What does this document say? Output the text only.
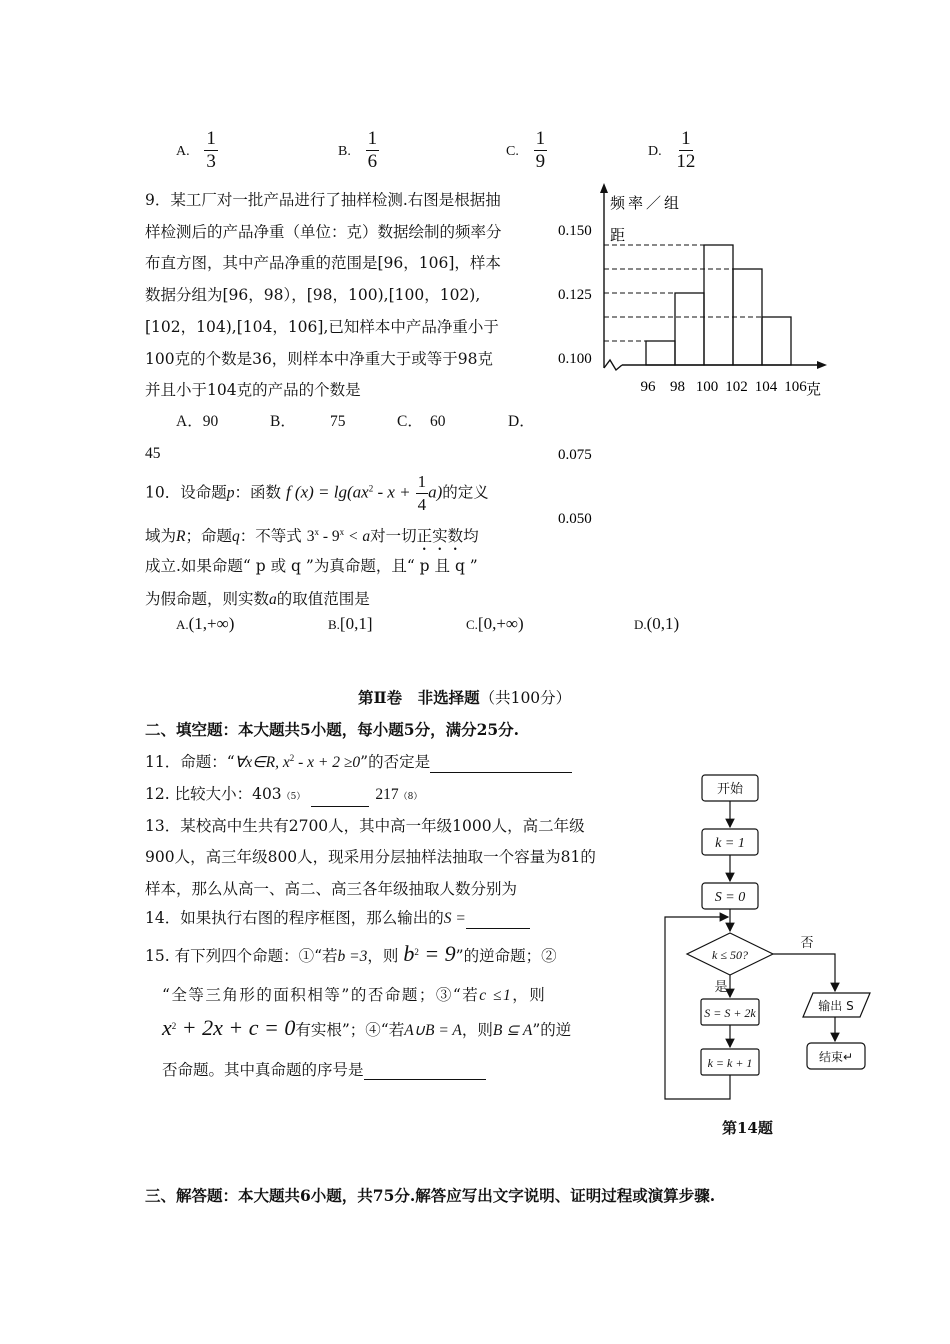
A. $\frac{1}{3}$	B. $\frac{1}{6}$	C. $\frac{1}{9}$	D. $\frac{1}{12}$
9．某工厂对一批产品进行了抽样检测.右图是根据抽
样检测后的产品净重（单位：克）数据绘制的频率分
布直方图，其中产品净重的范围是[96，106]，样本
数据分组为[96，98），[98，100),[100，102),
[102，104),[104，106],已知样本中产品净重小于
100克的个数是36，则样本中净重大于或等于98克
并且小于104克的产品的个数是
A．90	B． 75	C． 60	D．
45
频率／组
距
0.150
0.125
0.100
0.075
0.050
96 98 100 102 104 106 克
10．设命题p：函数 f $(x) = \lg(ax^2 - x + \frac{1}{4} a)$的定义
域为R；命题q：不等式 $3^x - 9^x < a$对一切正实数均
成立.如果命题“ p 或 q ”为真命题，且“ p 且 q ”
为假命题，则实数a的取值范围是
A.(1,+∞)	B.[0,1]	C.[0,+∞)	D.(0,1)
第Ⅱ卷　非选择题（共100分）
二、填空题：本大题共5小题，每小题5分，满分25分.
11．命题：“∀x∈R, $x^2 - x + 2 \ge 0$”的否定是
12. 比较大小：403（5）	217（8）
13．某校高中生共有2700人，其中高一年级1000人，高二年级
900人，高三年级800人，现采用分层抽样法抽取一个容量为81的
样本，那么从高一、高二、高三各年级抽取人数分别为
14．如果执行右图的程序框图，那么输出的S =
15. 有下列四个命题：①“若b =3，则 $b^2 = 9$”的逆命题；②
“全等三角形的面积相等”的否命题；③“若c ≤1，则
$x^2 + 2x + c = 0$有实根”；④“若A∪B = A，则B ⊆ A”的逆
否命题。其中真命题的序号是
开始
k = 1
S = 0
k ≤ 50?
S = S + 2k
k = k + 1
输出 S
结束↵
否
是
第14题
三、解答题：本大题共6小题，共75分.解答应写出文字说明、证明过程或演算步骤.
